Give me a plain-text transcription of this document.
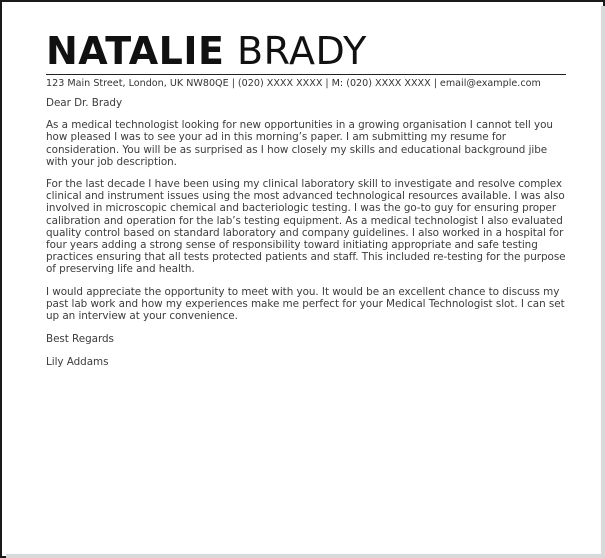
NATALIE BRADY
123 Main Street, London, UK NW80QE | (020) XXXX XXXX | M: (020) XXXX XXXX | email@example.com
Dear Dr. Brady
As a medical technologist looking for new opportunities in a growing organisation I cannot tell you how pleased I was to see your ad in this morning’s paper. I am submitting my resume for consideration. You will be as surprised as I how closely my skills and educational background jibe with your job description.
For the last decade I have been using my clinical laboratory skill to investigate and resolve complex clinical and instrument issues using the most advanced technological resources available. I was also involved in microscopic chemical and bacteriologic testing. I was the go-to guy for ensuring proper calibration and operation for the lab’s testing equipment. As a medical technologist I also evaluated quality control based on standard laboratory and company guidelines. I also worked in a hospital for four years adding a strong sense of responsibility toward initiating appropriate and safe testing practices ensuring that all tests protected patients and staff. This included re-testing for the purpose of preserving life and health.
I would appreciate the opportunity to meet with you. It would be an excellent chance to discuss my past lab work and how my experiences make me perfect for your Medical Technologist slot. I can set up an interview at your convenience.
Best Regards
Lily Addams
